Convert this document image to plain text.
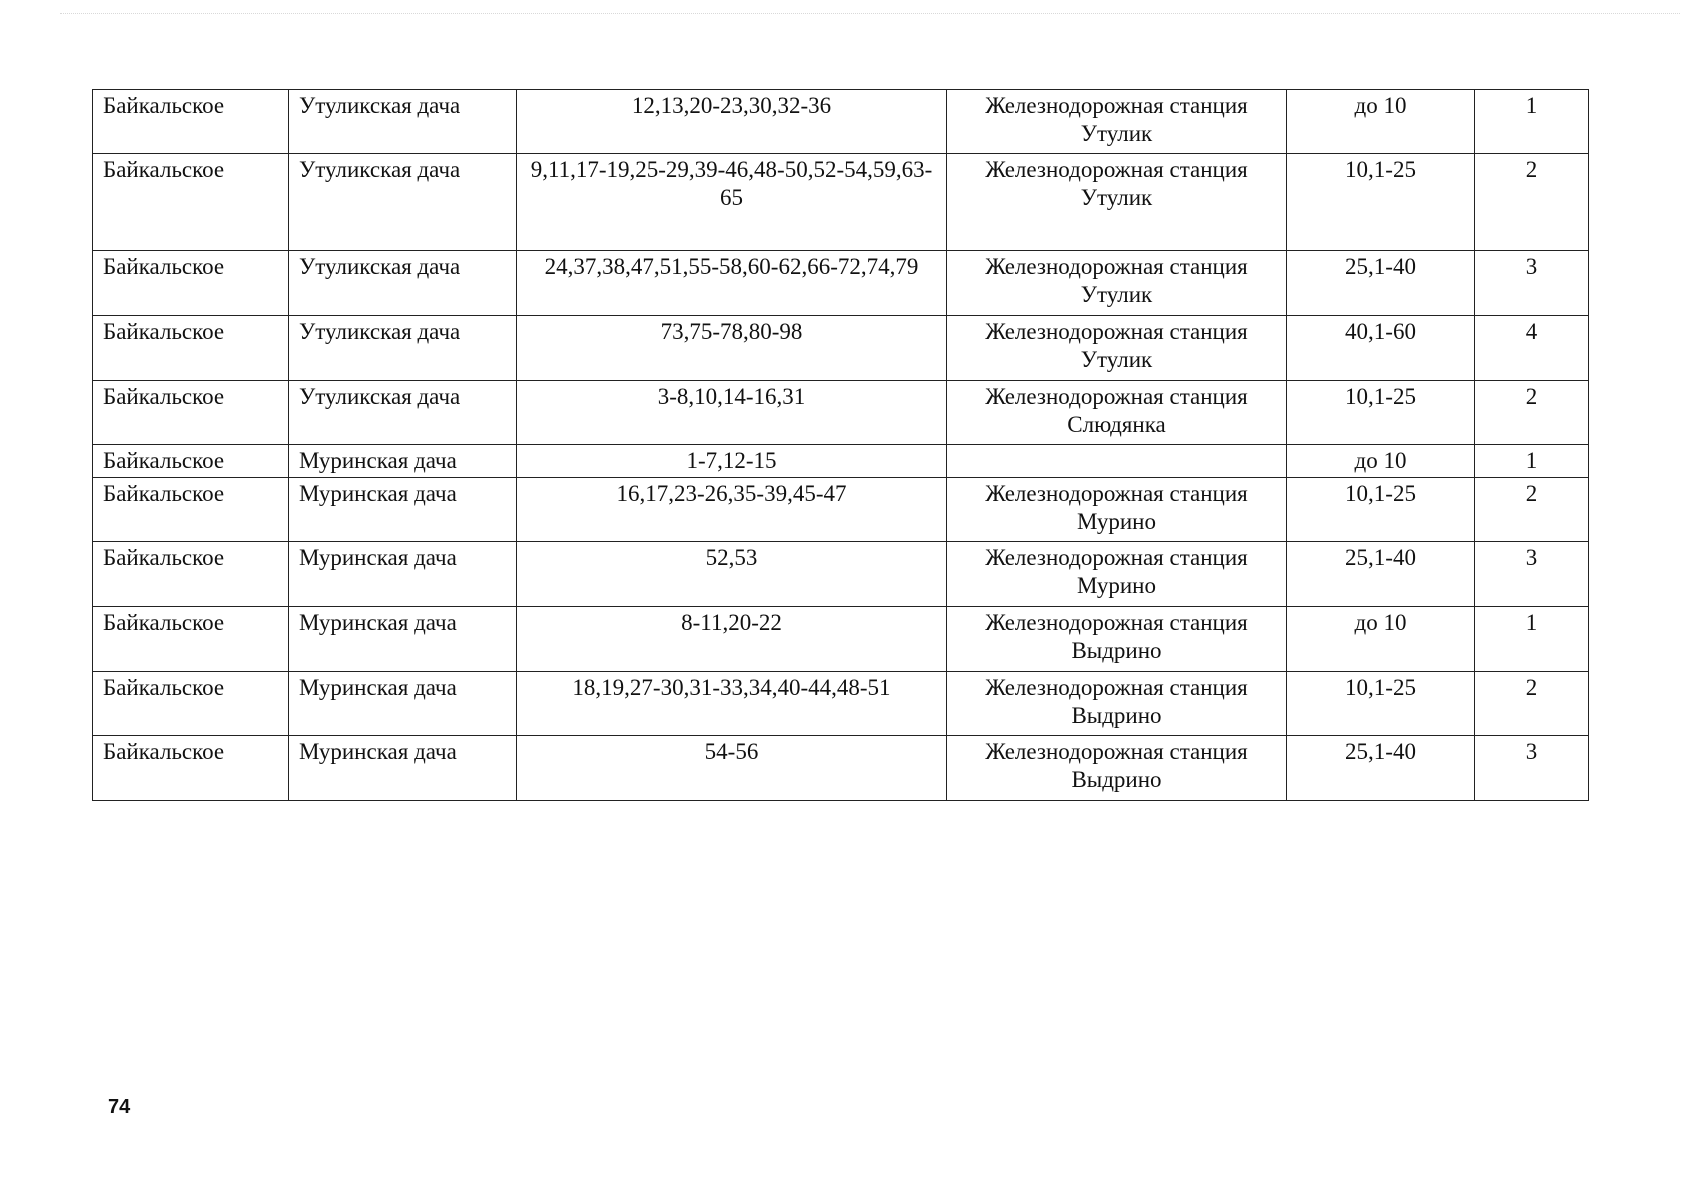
Байкальское	Утуликская дача	12,13,20-23,30,32-36	Железнодорожная станция Утулик	до 10	1
Байкальское	Утуликская дача	9,11,17-19,25-29,39-46,48-50,52-54,59,63-65	Железнодорожная станция Утулик	10,1-25	2
Байкальское	Утуликская дача	24,37,38,47,51,55-58,60-62,66-72,74,79	Железнодорожная станция Утулик	25,1-40	3
Байкальское	Утуликская дача	73,75-78,80-98	Железнодорожная станция Утулик	40,1-60	4
Байкальское	Утуликская дача	3-8,10,14-16,31	Железнодорожная станция Слюдянка	10,1-25	2
Байкальское	Муринская дача	1-7,12-15		до 10	1
Байкальское	Муринская дача	16,17,23-26,35-39,45-47	Железнодорожная станция Мурино	10,1-25	2
Байкальское	Муринская дача	52,53	Железнодорожная станция Мурино	25,1-40	3
Байкальское	Муринская дача	8-11,20-22	Железнодорожная станция Выдрино	до 10	1
Байкальское	Муринская дача	18,19,27-30,31-33,34,40-44,48-51	Железнодорожная станция Выдрино	10,1-25	2
Байкальское	Муринская дача	54-56	Железнодорожная станция Выдрино	25,1-40	3
74
